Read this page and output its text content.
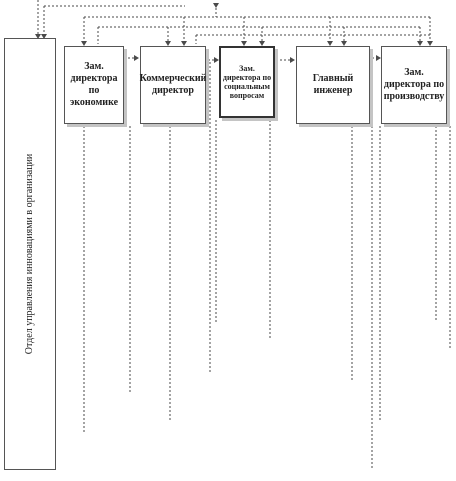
Отдел управления инновациями в организации
Зам. директора по экономике
Коммерческий директор
Зам. директора по социальным вопросам
Главный инженер
Зам. директора по производству
